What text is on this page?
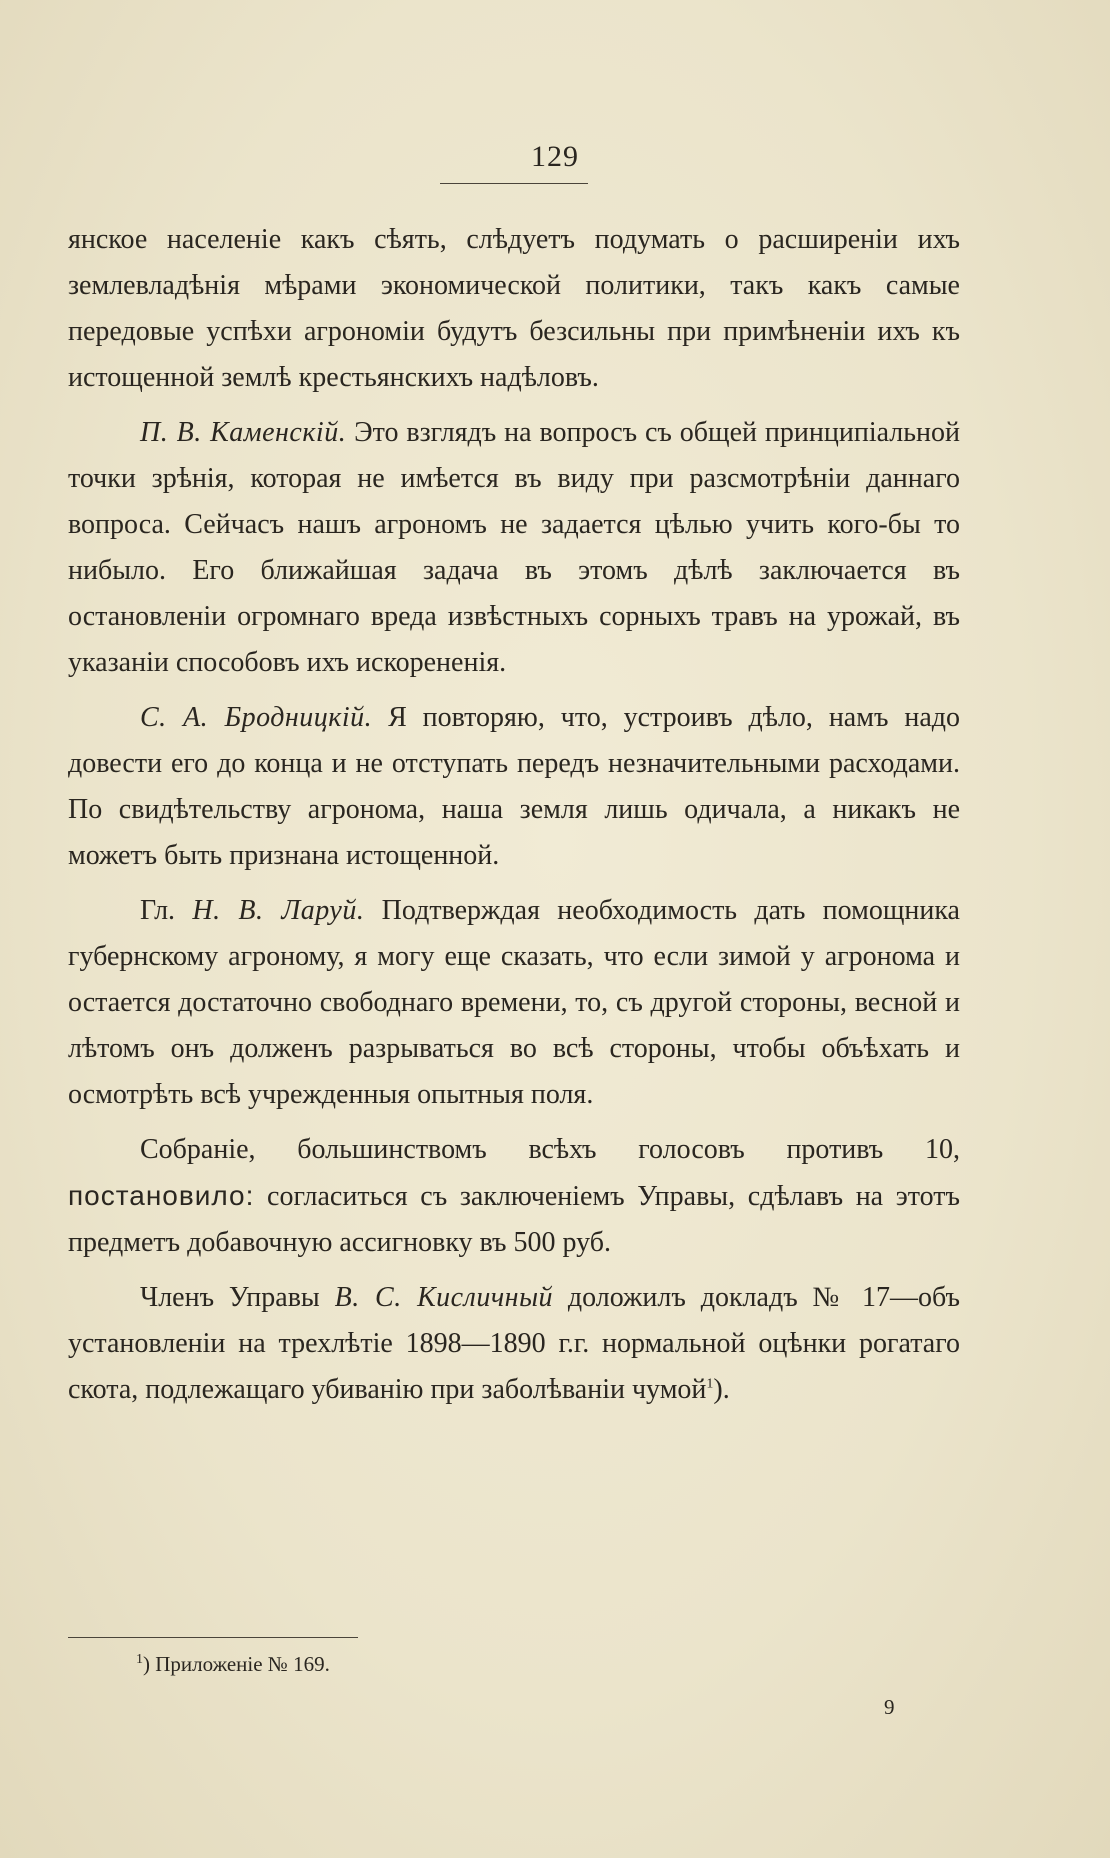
129

янское населенiе какъ сѣять, слѣдуетъ подумать о расширенiи ихъ землевладѣнiя мѣрами экономической политики, такъ какъ самые передовые успѣхи агрономiи будутъ безсильны при примѣненiи ихъ къ истощенной землѣ крестьянскихъ надѣловъ.

П. В. Каменскiй. Это взглядъ на вопросъ съ общей принципiальной точки зрѣнiя, которая не имѣется въ виду при разсмотрѣнiи даннаго вопроса. Сейчасъ нашъ агрономъ не задается цѣлью учить кого-бы то нибыло. Его ближайшая задача въ этомъ дѣлѣ заключается въ остановленiи огромнаго вреда извѣстныхъ сорныхъ травъ на урожай, въ указанiи способовъ ихъ искорененiя.

С. А. Бродницкiй. Я повторяю, что, устроивъ дѣло, намъ надо довести его до конца и не отступать передъ незначительными расходами. По свидѣтельству агронома, наша земля лишь одичала, а никакъ не можетъ быть признана истощенной.

Гл. Н. В. Ларуй. Подтверждая необходимость дать помощника губернскому агроному, я могу еще сказать, что если зимой у агронома и остается достаточно свободнаго времени, то, съ другой стороны, весной и лѣтомъ онъ долженъ разрываться во всѣ стороны, чтобы объѣхать и осмотрѣть всѣ учрежденныя опытныя поля.

Собранiе, большинствомъ всѣхъ голосовъ противъ 10, постановило: согласиться съ заключенiемъ Управы, сдѣлавъ на этотъ предметъ добавочную ассигновку въ 500 руб.

Членъ Управы В. С. Кисличный доложилъ докладъ № 17—объ установленiи на трехлѣтiе 1898—1890 г.г. нормальной оцѣнки рогатаго скота, подлежащаго убиванiю при заболѣванiи чумой$^1$).

$^1$) Приложенiе № 169.
9
